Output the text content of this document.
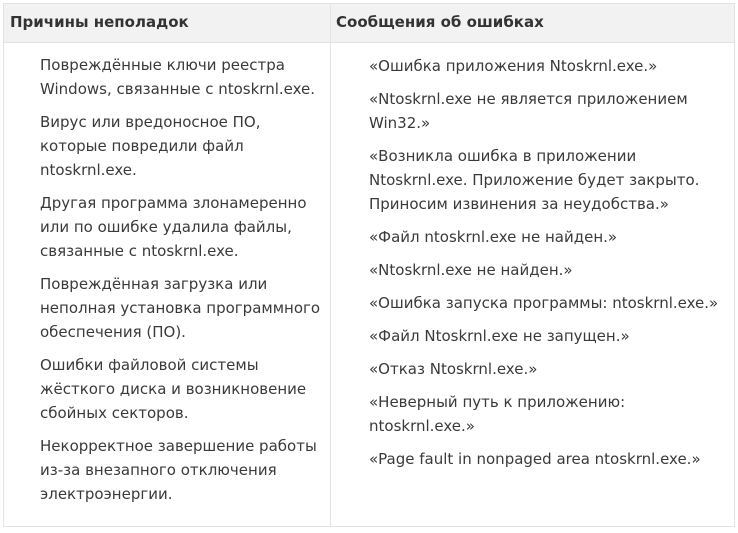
Причины неполадок	Сообщения об ошибках
Повреждённые ключи реестра
Windows, связанные с ntoskrnl.exe.
Вирус или вредоносное ПО,
которые повредили файл
ntoskrnl.exe.
Другая программа злонамеренно
или по ошибке удалила файлы,
связанные с ntoskrnl.exe.
Повреждённая загрузка или
неполная установка программного
обеспечения (ПО).
Ошибки файловой системы
жёсткого диска и возникновение
сбойных секторов.
Некорректное завершение работы
из-за внезапного отключения
электроэнергии.
«Ошибка приложения Ntoskrnl.exe.»
«Ntoskrnl.exe не является приложением
Win32.»
«Возникла ошибка в приложении
Ntoskrnl.exe. Приложение будет закрыто.
Приносим извинения за неудобства.»
«Файл ntoskrnl.exe не найден.»
«Ntoskrnl.exe не найден.»
«Ошибка запуска программы: ntoskrnl.exe.»
«Файл Ntoskrnl.exe не запущен.»
«Отказ Ntoskrnl.exe.»
«Неверный путь к приложению:
ntoskrnl.exe.»
«Page fault in nonpaged area ntoskrnl.exe.»
